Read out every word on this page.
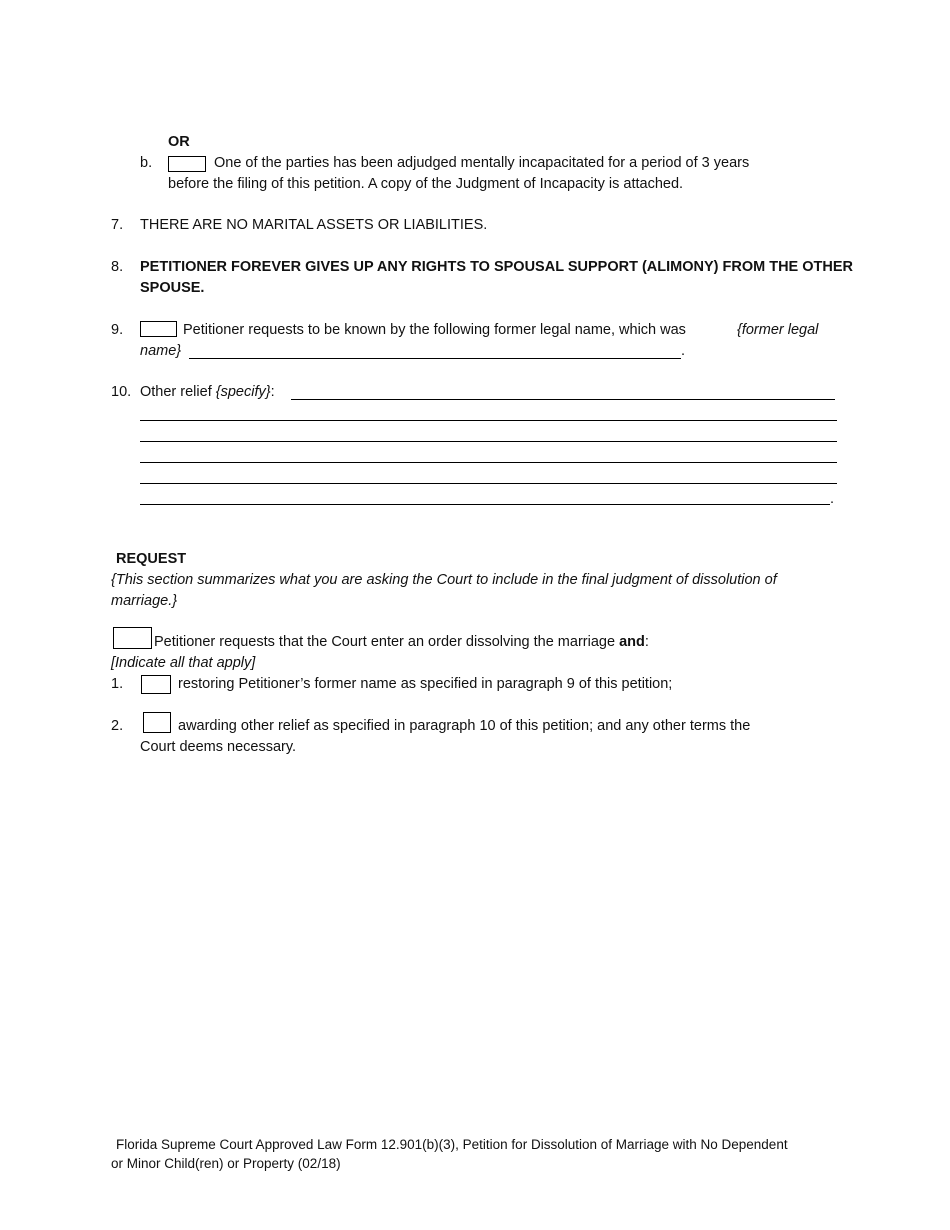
OR
b.	One of the parties has been adjudged mentally incapacitated for a period of 3 years
before the filing of this petition. A copy of the Judgment of Incapacity is attached.
7. THERE ARE NO MARITAL ASSETS OR LIABILITIES.
8. PETITIONER FOREVER GIVES UP ANY RIGHTS TO SPOUSAL SUPPORT (ALIMONY) FROM THE OTHER
SPOUSE.
9.	Petitioner requests to be known by the following former legal name, which was	{former legal
name}	.
10. Other relief {specify}:
.
REQUEST
{This section summarizes what you are asking the Court to include in the final judgment of dissolution of
marriage.}
Petitioner requests that the Court enter an order dissolving the marriage and:
[Indicate all that apply]
1.	restoring Petitioner’s former name as specified in paragraph 9 of this petition;
2.	awarding other relief as specified in paragraph 10 of this petition; and any other terms the
Court deems necessary.
Florida Supreme Court Approved Law Form 12.901(b)(3), Petition for Dissolution of Marriage with No Dependent
or Minor Child(ren) or Property (02/18)
